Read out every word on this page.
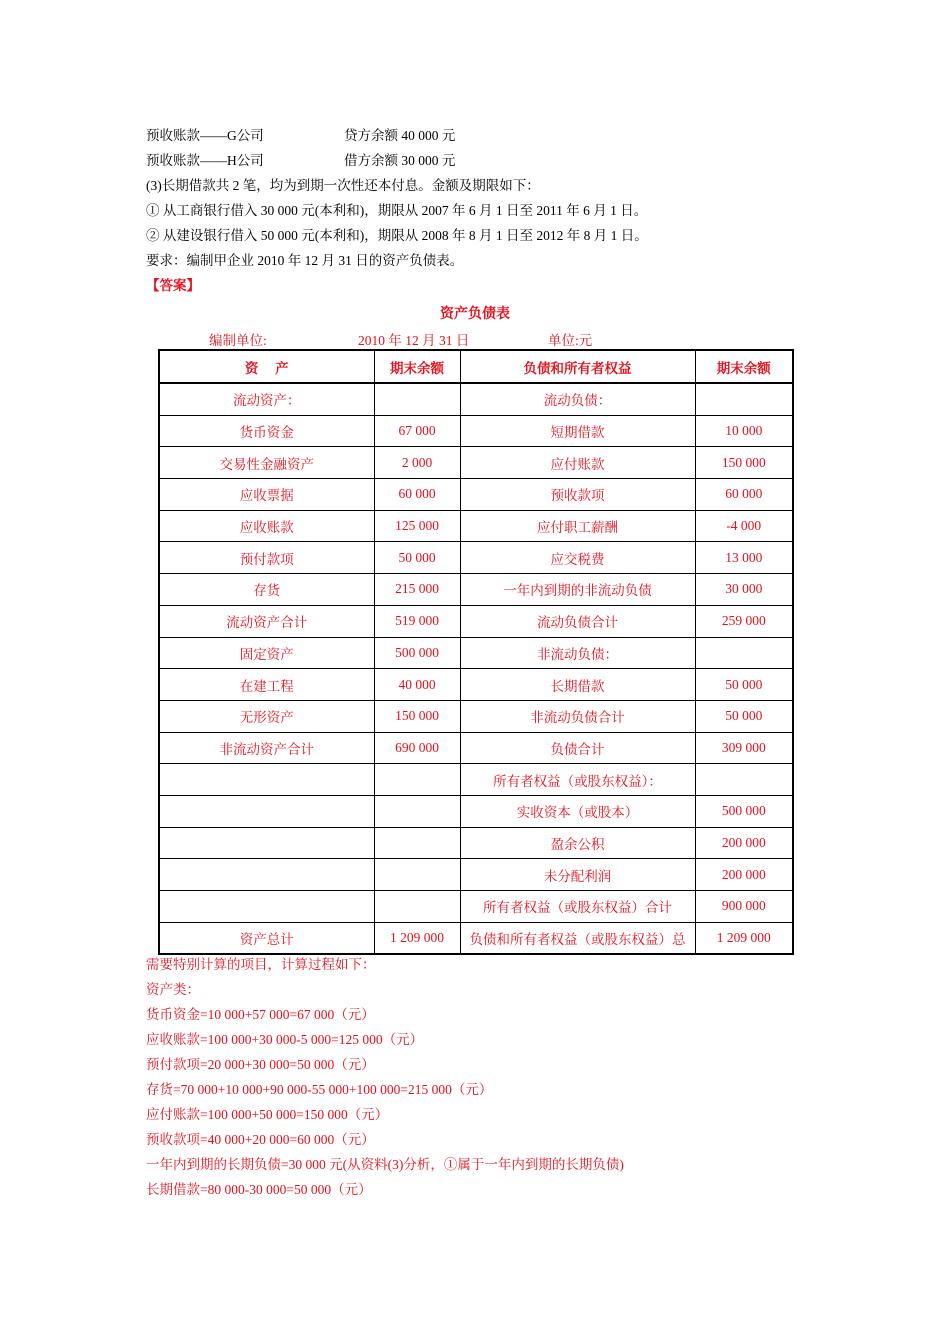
预收账款——G公司	贷方余额 40 000 元
预收账款——H公司	借方余额 30 000 元
(3)长期借款共 2 笔，均为到期一次性还本付息。金额及期限如下：
① 从工商银行借入 30 000 元(本利和)，期限从 2007 年 6 月 1 日至 2011 年 6 月 1 日。
② 从建设银行借入 50 000 元(本利和)，期限从 2008 年 8 月 1 日至 2012 年 8 月 1 日。
要求：编制甲企业 2010 年 12 月 31 日的资产负债表。
【答案】
资产负债表
编制单位:	2010 年 12 月 31 日	单位:元
资　 产	期末余额	负债和所有者权益	期末余额
流动资产：		流动负债：	
货币资金	67 000	短期借款	10 000
交易性金融资产	2 000	应付账款	150 000
应收票据	60 000	预收款项	60 000
应收账款	125 000	应付职工薪酬	-4 000
预付款项	50 000	应交税费	13 000
存货	215 000	一年内到期的非流动负债	30 000
流动资产合计	519 000	流动负债合计	259 000
固定资产	500 000	非流动负债：	
在建工程	40 000	长期借款	50 000
无形资产	150 000	非流动负债合计	50 000
非流动资产合计	690 000	负债合计	309 000
		所有者权益（或股东权益）：	
		实收资本（或股本）	500 000
		盈余公积	200 000
		未分配利润	200 000
		所有者权益（或股东权益）合计	900 000
资产总计	1 209 000	负债和所有者权益（或股东权益）总	1 209 000
需要特别计算的项目，计算过程如下：
资产类：
货币资金=10 000+57 000=67 000（元）
应收账款=100 000+30 000-5 000=125 000（元）
预付款项=20 000+30 000=50 000（元）
存货=70 000+10 000+90 000-55 000+100 000=215 000（元）
应付账款=100 000+50 000=150 000（元）
预收款项=40 000+20 000=60 000（元）
一年内到期的长期负债=30 000 元(从资料(3)分析，①属于一年内到期的长期负债)
长期借款=80 000-30 000=50 000（元）
